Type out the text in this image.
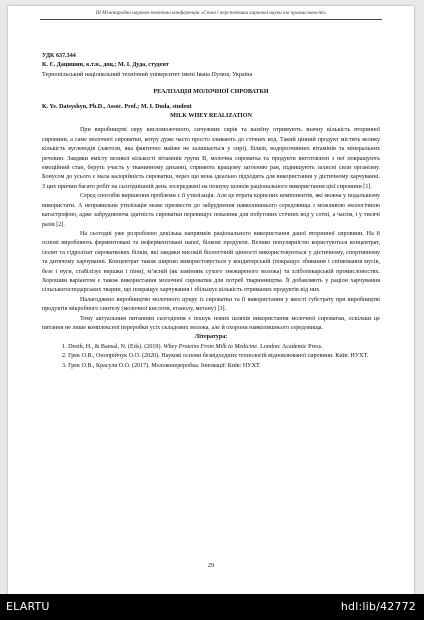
ІІІ Міжнародна науково-технічна конференція «Стан і перспективи харчової науки та промисловості»
УДК 637.344
К. Є. Дацишин, к.т.н., доц.; М. І. Дуда, студент
Тернопільський національний технічний університет імені Івана Пулюя, Україна
РЕАЛІЗАЦІЯ МОЛОЧНОЇ СИРОВАТКИ
K. Ye. Datsyshyn, Ph.D., Assoc. Prof.; M. I. Duda, student
MILK WHEY REALIZATION

При виробництві сиру кисломолочного, сичужних сирів та казеїну отримують значну кількість вторинної сировини, а саме молочної сироватки, котру дуже часто просто зливають до стічних вод. Такий цінний продукт містить велику кількість вуглеводів (лактози, яка фактично майже не залишається у сирі), білків, водорозчинних вітамінів та мінеральних речовин. Завдяки вмісту великої кількості вітамінів групи В, молочна сироватка та продукти виготовлені з неї покращують емоційний стан, беруть участь у тканинному диханні, сприяють кращому загоєнню ран, підвищують захисні сили організму. Бонусом до усього є мала калорійність сироватки, через що вона ідеально підходить для використання у дієтичному харчуванні. З цих причин багато робіт на сьогоднішній день зосереджені на пошуку шляхів раціонального використання цієї сировини [1].

Серед способів вирішення проблеми є її утилізація. Але це втрата корисних компонентів, які можна у подальшому використати. А неправильна утилізація може призвести до забруднення навколишнього середовища з можливою екологічною катастрофою, адже забруднююча здатність сироватки перевищує показник для побутових стічних вод у сотні, а часом, і у тисячі разів [2].

На сьогодні уже розроблено декілька напрямків раціонального використання даної вторинної сировини. На її основі виробляють ферментовані та неферментовані напої, білкові продукти. Велико популярністю користуються концентрат, ізолят та гідролізат сироваткових білків, які завдяки високій біологічній цінності використовуються у дієтичному, спортивному та дитячому харчуванні. Концентрат також широко використовується у кондитерській (покращує збивання і спінювання мусів, безе і нуги, стабілізує вершки і піни), м’ясній (як замінник сухого знежиреного молока) та хлібопекарській промисловостях. Хорошим варіантом є також використання молочної сироватки для потреб тваринництва. Її добавляють у раціон харчування сільськогосподарських тварин, що покращує харчування і збільшує кількість отриманих продуктів від них.

Налагоджено виробництво молочного цукру із сироватки та її використання у якості субстрату при виробництві продуктів мікробного синтезу (молочної кислоти, етанолу, метану) [3].

Тому актуальним питанням сьогодення є пошук нових шляхів використання молочної сироватки, оскільки це питання не лише комплексної переробки усіх складових молока, але й охорони навколишнього середовища.

Література:

1. Deeth, H., & Bansal, N. (Eds). (2019). Whey Proteins From Milk to Medicine. London: Academic Press.

2. Грек О.В., Онопрійчук О.О. (2020). Наукові основи безвідходних технологій відновлюваної сировини. Київ: НУХТ.

3. Грек О.В., Красуля О.О. (2017). Молокопереробка. Інновації: Київ: НУХТ.

29
ELARTU	hdl:lib/42772
